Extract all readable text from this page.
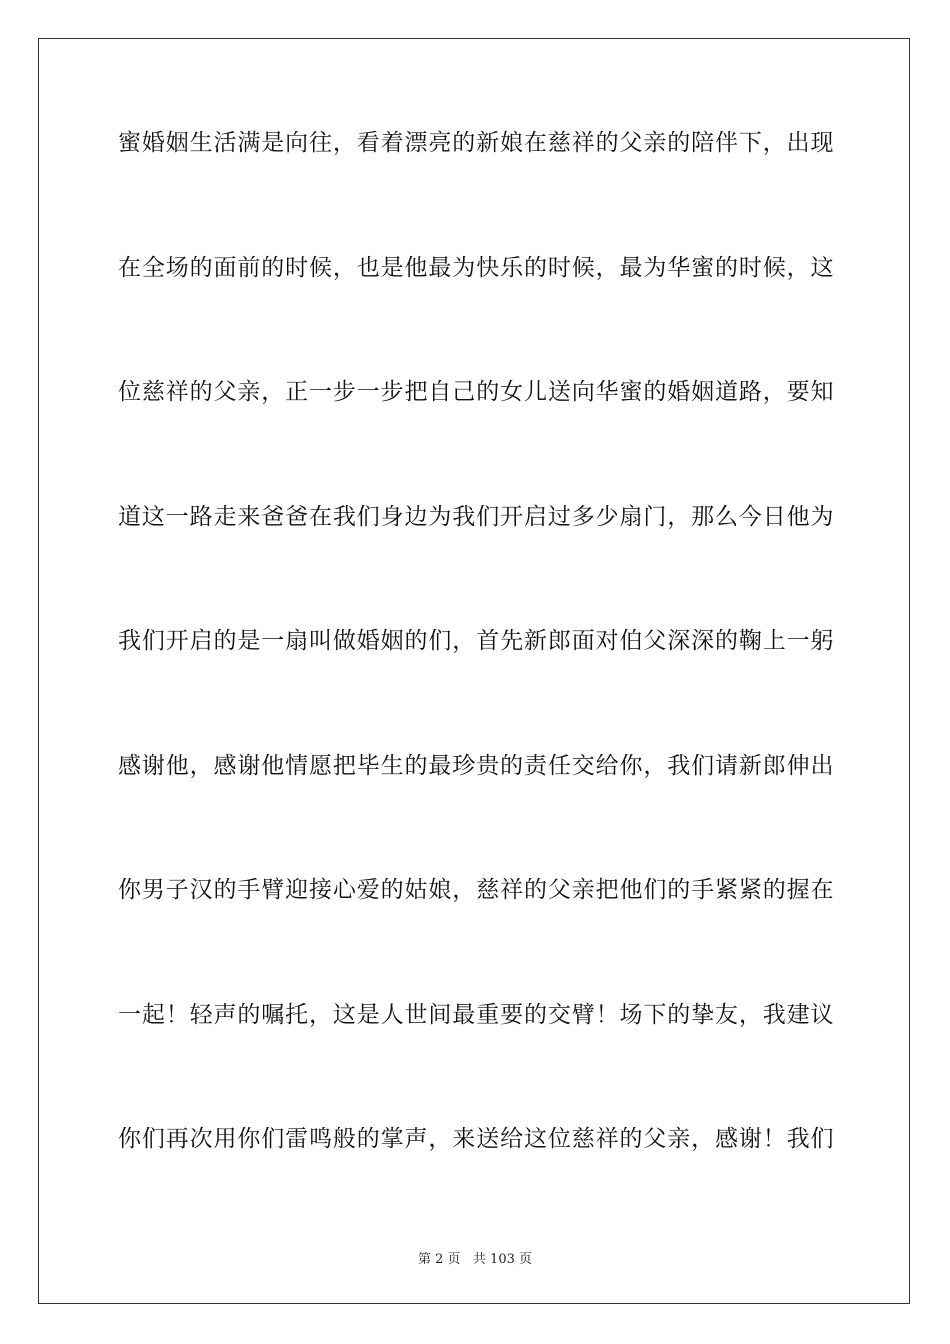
蜜婚姻生活满是向往，看着漂亮的新娘在慈祥的父亲的陪伴下，出现
在全场的面前的时候，也是他最为快乐的时候，最为华蜜的时候，这
位慈祥的父亲，正一步一步把自己的女儿送向华蜜的婚姻道路，要知
道这一路走来爸爸在我们身边为我们开启过多少扇门，那么今日他为
我们开启的是一扇叫做婚姻的们，首先新郎面对伯父深深的鞠上一躬
感谢他，感谢他情愿把毕生的最珍贵的责任交给你，我们请新郎伸出
你男子汉的手臂迎接心爱的姑娘，慈祥的父亲把他们的手紧紧的握在
一起！轻声的嘱托，这是人世间最重要的交臂！场下的挚友，我建议
你们再次用你们雷鸣般的掌声，来送给这位慈祥的父亲，感谢！我们
第 2 页   共 103 页
